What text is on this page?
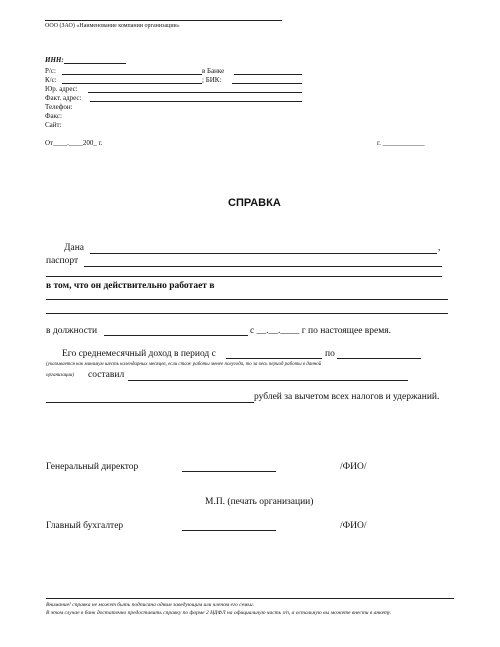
ООО (ЗАО) «Наименование компании организации»
ИНН:
Р/с:	в Банке
К/с:	; БИК:
Юр. адрес:
Факт. адрес:
Телефон:
Факс:
Сайт:
От____.____200_ г.	г. ____________
СПРАВКА
Дана	,
паспорт
в том, что он действительно работает в
в должности	с __.__.____ г по настоящее время.
Его среднемесячный доход в период с	по
(указывается как минимум шесть календарных месяцев, если стаж работы менее полугода, то за весь период работы в данной
организации) составил
рублей за вычетом всех налогов и удержаний.
Генеральный директор	/ФИО/
М.П. (печать организации)
Главный бухгалтер	/ФИО/
Внимание! справка не может быть подписана одним заведующим или членом его семьи.
В этом случае в банк достаточно предоставить справку по форме 2 НДФЛ на официальную часть з/п, а остальную вы можете внести в анкету.
